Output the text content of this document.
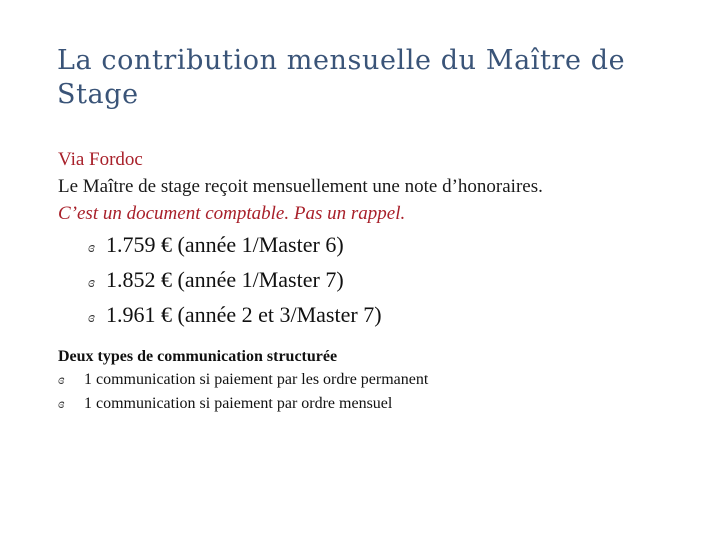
La contribution mensuelle du Maître de Stage
Via Fordoc
Le Maître de stage reçoit mensuellement une note d’honoraires.
C’est un document comptable. Pas un rappel.
ɞ 1.759 € (année 1/Master 6)
ɞ 1.852 € (année 1/Master 7)
ɞ 1.961 € (année 2 et 3/Master 7)
Deux types de communication structurée
ɞ 1 communication si paiement par les ordre permanent
ɞ 1 communication si paiement par ordre mensuel
